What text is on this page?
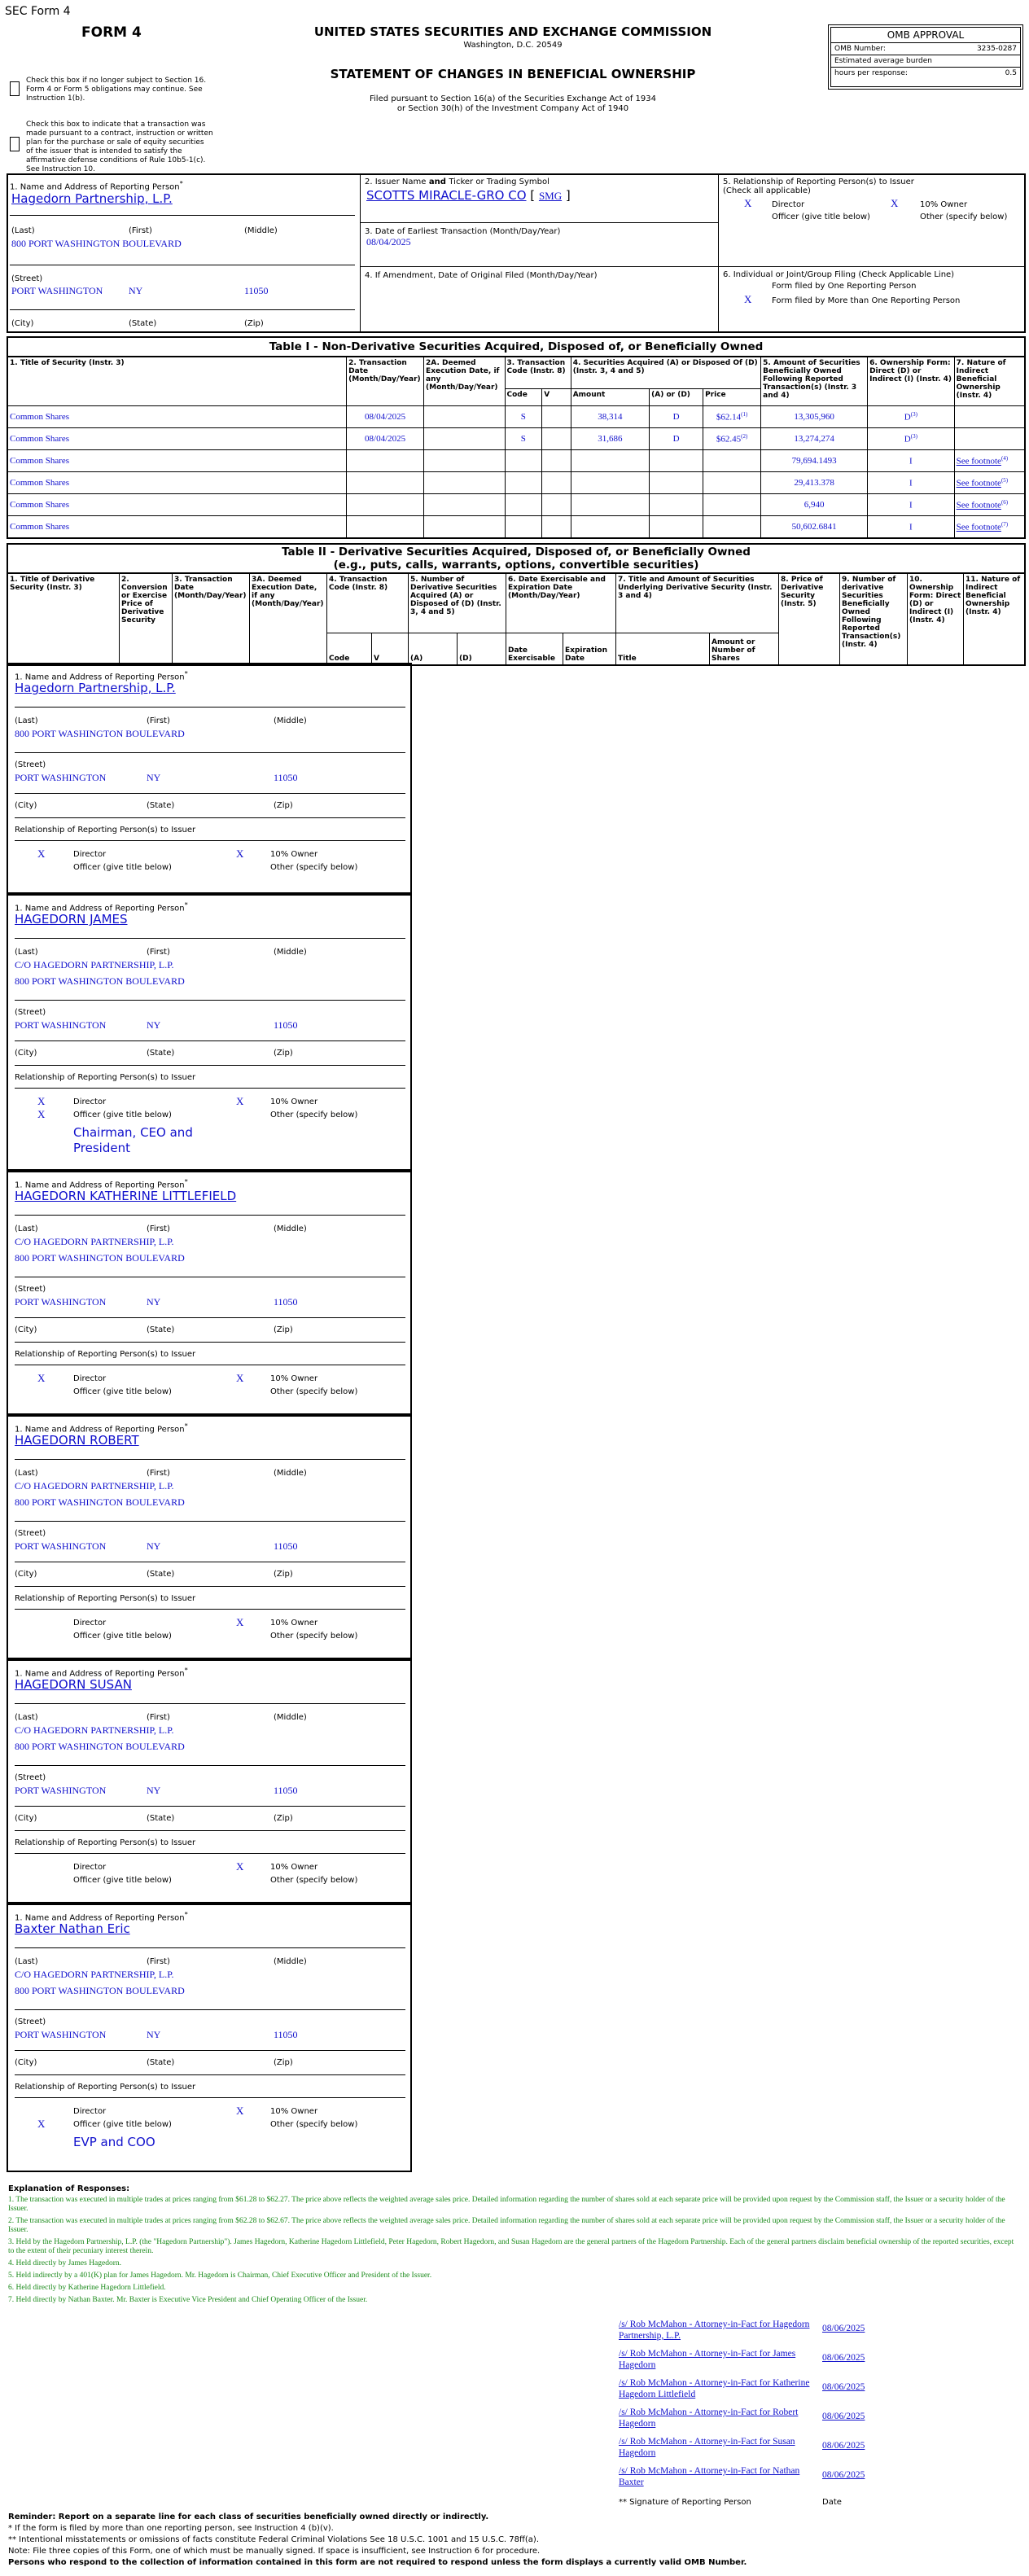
SEC Form 4
FORM 4	UNITED STATES SECURITIES AND EXCHANGE COMMISSION
Washington, D.C. 20549
STATEMENT OF CHANGES IN BENEFICIAL OWNERSHIP
Filed pursuant to Section 16(a) of the Securities Exchange Act of 1934
or Section 30(h) of the Investment Company Act of 1940
OMB APPROVAL
OMB Number:	3235-0287
Estimated average burden
hours per response:	0.5
Check this box if no longer subject to Section 16. Form 4 or Form 5 obligations may continue. See Instruction 1(b).
Check this box to indicate that a transaction was made pursuant to a contract, instruction or written plan for the purchase or sale of equity securities of the issuer that is intended to satisfy the affirmative defense conditions of Rule 10b5-1(c). See Instruction 10.
1. Name and Address of Reporting Person*
Hagedorn Partnership, L.P.
(Last)	(First)	(Middle)
800 PORT WASHINGTON BOULEVARD
(Street)
PORT WASHINGTON	NY	11050
(City)	(State)	(Zip)
2. Issuer Name and Ticker or Trading Symbol
SCOTTS MIRACLE-GRO CO [ SMG ]
3. Date of Earliest Transaction (Month/Day/Year)
08/04/2025
4. If Amendment, Date of Original Filed (Month/Day/Year)
5. Relationship of Reporting Person(s) to Issuer
(Check all applicable)
X Director	X	10% Owner
Officer (give title below)	Other (specify below)
6. Individual or Joint/Group Filing (Check Applicable Line)
Form filed by One Reporting Person
X Form filed by More than One Reporting Person
Table I - Non-Derivative Securities Acquired, Disposed of, or Beneficially Owned										
1. Title of Security (Instr. 3)	2. Transaction Date (Month/Day/Year)	2A. Deemed Execution Date, if any (Month/Day/Year)	3. Transaction Code (Instr. 8)		4. Securities Acquired (A) or Disposed Of (D) (Instr. 3, 4 and 5)			5. Amount of Securities Beneficially Owned Following Reported Transaction(s) (Instr. 3 and 4)	6. Ownership Form: Direct (D) or Indirect (I) (Instr. 4)	7. Nature of Indirect Beneficial Ownership (Instr. 4)
			Code	V	Amount	(A) or (D)	Price			
Common Shares	08/04/2025		S		38,314	D	$62.14$^{(1)}$	13,305,960	$D^{(3)}$	
Common Shares	08/04/2025		S		31,686	D	$62.45$^{(2)}$	13,274,274	$D^{(3)}$	
Common Shares								79,694.1493	I	See footnote$^{(4)}$
Common Shares								29,413.378	I	See footnote$^{(5)}$
Common Shares								6,940	I	See footnote$^{(6)}$
Common Shares								50,602.6841	I	See footnote$^{(7)}$
Table II - Derivative Securities Acquired, Disposed of, or Beneficially Owned
(e.g., puts, calls, warrants, options, convertible securities)															

1. Title of Derivative Security (Instr. 3)	2. Conversion or Exercise Price of Derivative Security	3. Transaction Date (Month/Day/Year)	3A. Deemed Execution Date, if any (Month/Day/Year)	4. Transaction Code (Instr. 8)		5. Number of Derivative Securities Acquired (A) or Disposed of (D) (Instr. 3, 4 and 5)		6. Date Exercisable and Expiration Date (Month/Day/Year)		7. Title and Amount of Securities Underlying Derivative Security (Instr. 3 and 4)		8. Price of Derivative Security (Instr. 5)	9. Number of derivative Securities Beneficially Owned Following Reported Transaction(s) (Instr. 4)	10. Ownership Form: Direct (D) or Indirect (I) (Instr. 4)	11. Nature of Indirect Beneficial Ownership (Instr. 4)
				Code	V	(A)	(D)	Date Exercisable	Expiration Date	Title	Amount or Number of Shares				
1. Name and Address of Reporting Person*
Hagedorn Partnership, L.P.
(Last)	(First)	(Middle)
800 PORT WASHINGTON BOULEVARD
(Street)
PORT WASHINGTON	NY	11050
(City)	(State)	(Zip)
Relationship of Reporting Person(s) to Issuer
X	Director	X	10% Owner
Officer (give title below)	Other (specify below)
1. Name and Address of Reporting Person*
HAGEDORN JAMES
(Last)	(First)	(Middle)
C/O HAGEDORN PARTNERSHIP, L.P.
800 PORT WASHINGTON BOULEVARD
(Street)
PORT WASHINGTON	NY	11050
(City)	(State)	(Zip)
Relationship of Reporting Person(s) to Issuer
X	Director	X	10% Owner
X	Officer (give title below)	Other (specify below)
Chairman, CEO and President
1. Name and Address of Reporting Person*
HAGEDORN KATHERINE LITTLEFIELD
(Last)	(First)	(Middle)
C/O HAGEDORN PARTNERSHIP, L.P.
800 PORT WASHINGTON BOULEVARD
(Street)
PORT WASHINGTON	NY	11050
(City)	(State)	(Zip)
Relationship of Reporting Person(s) to Issuer
X	Director	X	10% Owner
Officer (give title below)	Other (specify below)
1. Name and Address of Reporting Person*
HAGEDORN ROBERT
(Last)	(First)	(Middle)
C/O HAGEDORN PARTNERSHIP, L.P.
800 PORT WASHINGTON BOULEVARD
(Street)
PORT WASHINGTON	NY	11050
(City)	(State)	(Zip)
Relationship of Reporting Person(s) to Issuer
Director	X	10% Owner
Officer (give title below)	Other (specify below)
1. Name and Address of Reporting Person*
HAGEDORN SUSAN
(Last)	(First)	(Middle)
C/O HAGEDORN PARTNERSHIP, L.P.
800 PORT WASHINGTON BOULEVARD
(Street)
PORT WASHINGTON	NY	11050
(City)	(State)	(Zip)
Relationship of Reporting Person(s) to Issuer
Director	X	10% Owner
Officer (give title below)	Other (specify below)
1. Name and Address of Reporting Person*
Baxter Nathan Eric
(Last)	(First)	(Middle)
C/O HAGEDORN PARTNERSHIP, L.P.
800 PORT WASHINGTON BOULEVARD
(Street)
PORT WASHINGTON	NY	11050
(City)	(State)	(Zip)
Relationship of Reporting Person(s) to Issuer
Director	X	10% Owner
X	Officer (give title below)	Other (specify below)
EVP and COO
Explanation of Responses:
1. The transaction was executed in multiple trades at prices ranging from $61.28 to $62.27. The price above reflects the weighted average sales price. Detailed information regarding the number of shares sold at each separate price will be provided upon request by the Commission staff, the Issuer or a security holder of the Issuer.
2. The transaction was executed in multiple trades at prices ranging from $62.28 to $62.67. The price above reflects the weighted average sales price. Detailed information regarding the number of shares sold at each separate price will be provided upon request by the Commission staff, the Issuer or a security holder of the Issuer.
3. Held by the Hagedorn Partnership, L.P. (the "Hagedorn Partnership"). James Hagedorn, Katherine Hagedorn Littlefield, Peter Hagedorn, Robert Hagedorn, and Susan Hagedorn are the general partners of the Hagedorn Partnership. Each of the general partners disclaim beneficial ownership of the reported securities, except to the extent of their pecuniary interest therein.
4. Held directly by James Hagedorn.
5. Held indirectly by a 401(K) plan for James Hagedorn. Mr. Hagedorn is Chairman, Chief Executive Officer and President of the Issuer.
6. Held directly by Katherine Hagedorn Littlefield.
7. Held directly by Nathan Baxter. Mr. Baxter is Executive Vice President and Chief Operating Officer of the Issuer.
/s/ Rob McMahon - Attorney-in-Fact for Hagedorn Partnership, L.P.
08/06/2025
/s/ Rob McMahon - Attorney-in-Fact for James Hagedorn
08/06/2025
/s/ Rob McMahon - Attorney-in-Fact for Katherine Hagedorn Littlefield
08/06/2025
/s/ Rob McMahon - Attorney-in-Fact for Robert Hagedorn
08/06/2025
/s/ Rob McMahon - Attorney-in-Fact for Susan Hagedorn
08/06/2025
/s/ Rob McMahon - Attorney-in-Fact for Nathan Baxter
08/06/2025
** Signature of Reporting Person	Date
Reminder: Report on a separate line for each class of securities beneficially owned directly or indirectly.
* If the form is filed by more than one reporting person, see Instruction 4 (b)(v).
** Intentional misstatements or omissions of facts constitute Federal Criminal Violations See 18 U.S.C. 1001 and 15 U.S.C. 78ff(a).
Note: File three copies of this Form, one of which must be manually signed. If space is insufficient, see Instruction 6 for procedure.
Persons who respond to the collection of information contained in this form are not required to respond unless the form displays a currently valid OMB Number.
